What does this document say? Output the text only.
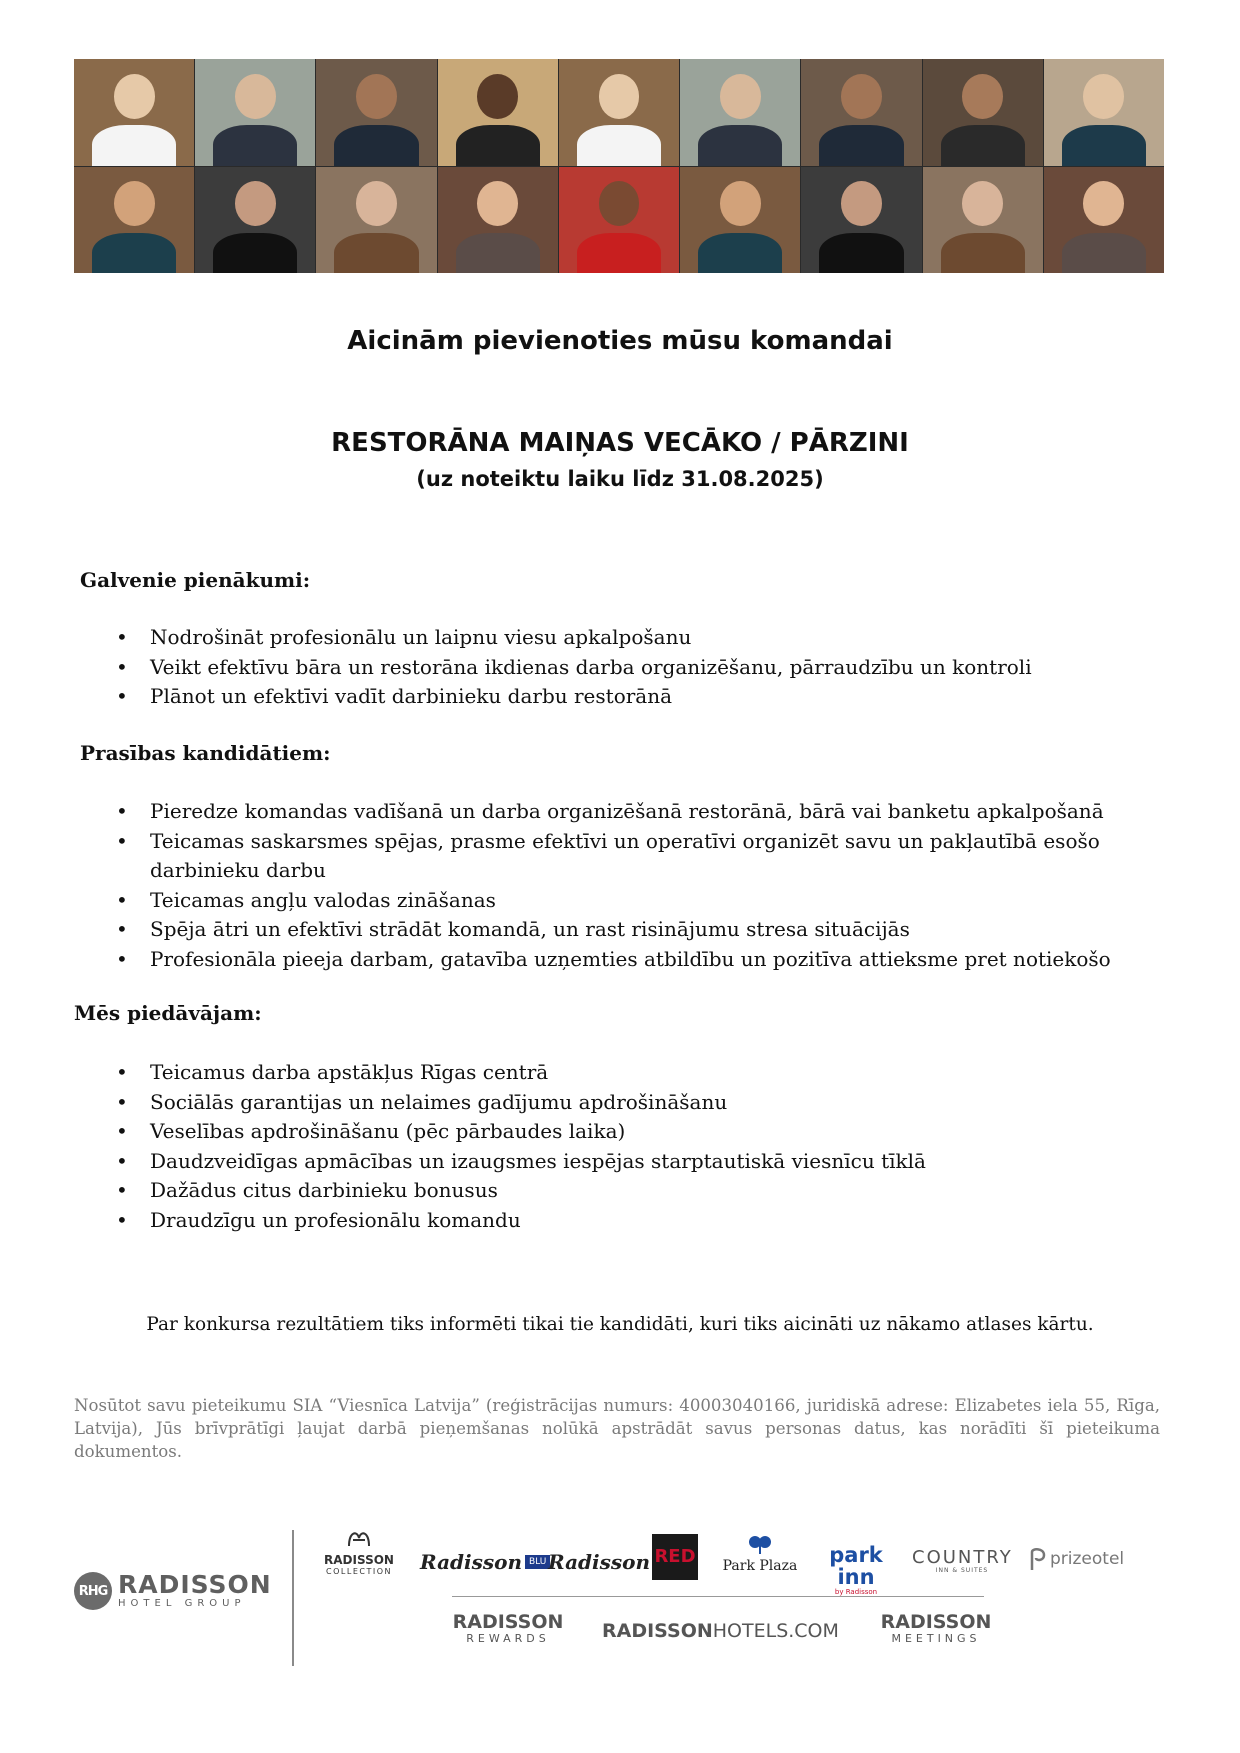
Aicinām pievienoties mūsu komandai
RESTORĀNA MAIŅAS VECĀKO / PĀRZINI
(uz noteiktu laiku līdz 31.08.2025)
Galvenie pienākumi:
• Nodrošināt profesionālu un laipnu viesu apkalpošanu
• Veikt efektīvu bāra un restorāna ikdienas darba organizēšanu, pārraudzību un kontroli
• Plānot un efektīvi vadīt darbinieku darbu restorānā
Prasības kandidātiem:
• Pieredze komandas vadīšanā un darba organizēšanā restorānā, bārā vai banketu apkalpošanā
• Teicamas saskarsmes spējas, prasme efektīvi un operatīvi organizēt savu un pakļautībā esošo darbinieku darbu
• Teicamas angļu valodas zināšanas
• Spēja ātri un efektīvi strādāt komandā, un rast risinājumu stresa situācijās
• Profesionāla pieeja darbam, gatavība uzņemties atbildību un pozitīva attieksme pret notiekošo
Mēs piedāvājam:
• Teicamus darba apstākļus Rīgas centrā
• Sociālās garantijas un nelaimes gadījumu apdrošināšanu
• Veselības apdrošināšanu (pēc pārbaudes laika)
• Daudzveidīgas apmācības un izaugsmes iespējas starptautiskā viesnīcu tīklā
• Dažādus citus darbinieku bonusus
• Draudzīgu un profesionālu komandu
Par konkursa rezultātiem tiks informēti tikai tie kandidāti, kuri tiks aicināti uz nākamo atlases kārtu.
Nosūtot savu pieteikumu SIA “Viesnīca Latvija” (reģistrācijas numurs: 40003040166, juridiskā adrese: Elizabetes iela 55, Rīga, Latvija), Jūs brīvprātīgi ļaujat darbā pieņemšanas nolūkā apstrādāt savus personas datus, kas norādīti šī pieteikuma dokumentos.
RHG RADISSON
HOTEL GROUP
RADISSON
COLLECTION	Radisson BLU Radisson RED Park Plaza	park inn
by Radisson
COUNTRY
INN & SUITES
prizeotel
RADISSON
REWARDS	RADISSONHOTELS.COM RADISSON
MEETINGS
